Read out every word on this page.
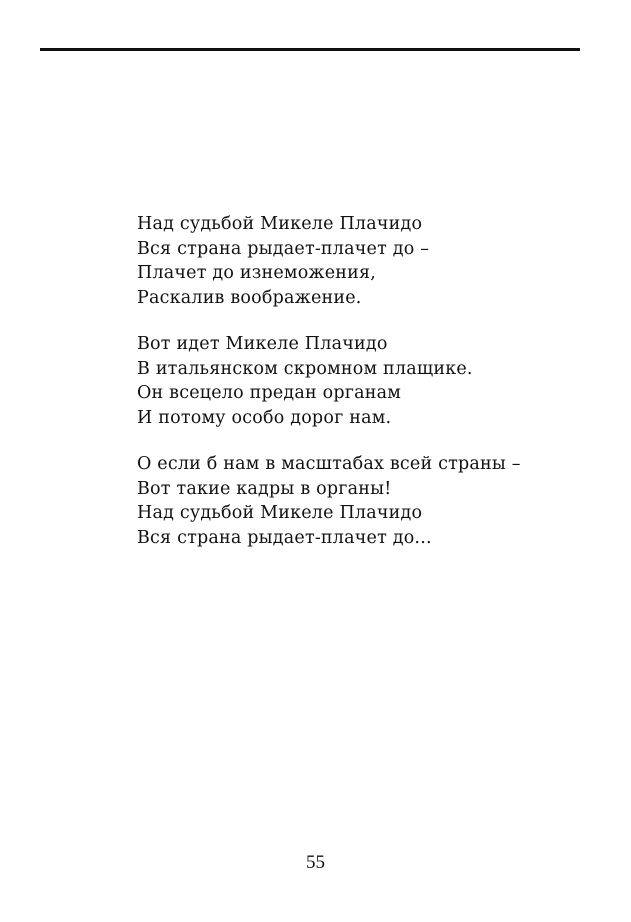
Над судьбой Микеле Плачидо
Вся страна рыдает-плачет до –
Плачет до изнеможения,
Раскалив воображение.
Вот идет Микеле Плачидо
В итальянском скромном плащике.
Он всецело предан органам
И потому особо дорог нам.
О если б нам в масштабах всей страны –
Вот такие кадры в органы!
Над судьбой Микеле Плачидо
Вся страна рыдает-плачет до...
55
